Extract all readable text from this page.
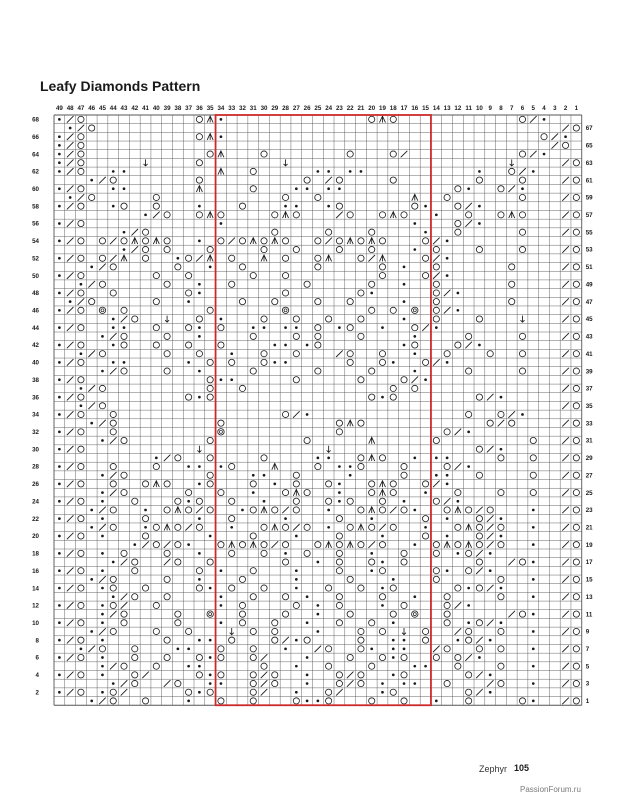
Leafy Diamonds Pattern
49 48 47 46 45 44 43 42 41 40 39 38 37 36 35 34 33 32 31 30 29 28 27 26 25 24 23 22 21 20 19 18 17 16 15 14 13 12 11 10 9 8 7 6 5 4 3 2 1
68
66
64
62
60
58
56
54
52
50
48
46
44
42
40
38
36
34
32
30
28
26
24
22
20
18
16
14
12
10
8
6
4
2
67
65
63
61
59
57
55
53
51
49
47
45
43
41
39
37
35
33
31
29
27
25
23
21
19
17
15
13
11
9
7
5
3
1
Zephyr 105
PassionForum.ru
